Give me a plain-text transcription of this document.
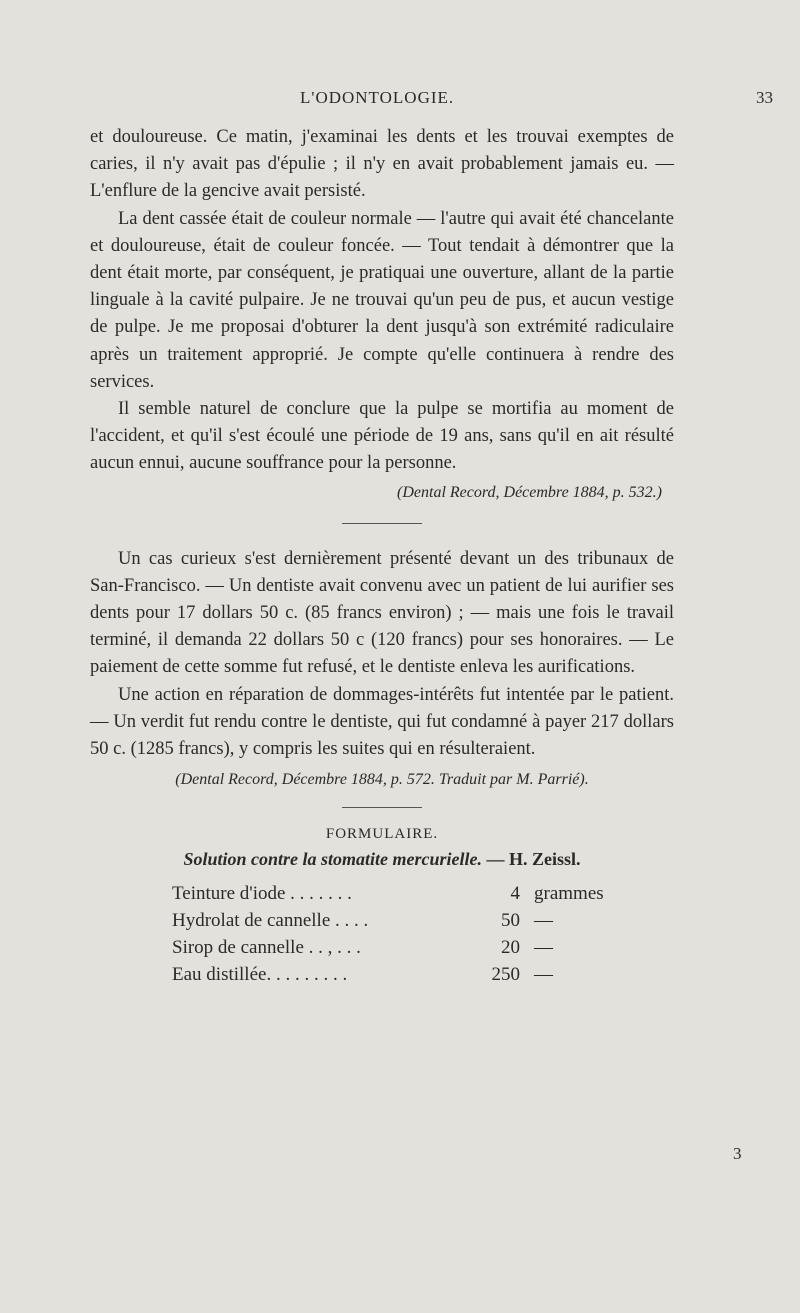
L'ODONTOLOGIE.	33

et douloureuse. Ce matin, j'examinai les dents et les trouvai exemptes de caries, il n'y avait pas d'épulie ; il n'y en avait probablement jamais eu. — L'enflure de la gencive avait persisté.

La dent cassée était de couleur normale — l'autre qui avait été chancelante et douloureuse, était de couleur foncée. — Tout tendait à démontrer que la dent était morte, par conséquent, je pratiquai une ouverture, allant de la partie linguale à la cavité pulpaire. Je ne trouvai qu'un peu de pus, et aucun vestige de pulpe. Je me proposai d'obturer la dent jusqu'à son extrémité radiculaire après un traitement approprié. Je compte qu'elle continuera à rendre des services.

Il semble naturel de conclure que la pulpe se mortifia au moment de l'accident, et qu'il s'est écoulé une période de 19 ans, sans qu'il en ait résulté aucun ennui, aucune souffrance pour la personne.

(Dental Record, Décembre 1884, p. 532.)

Un cas curieux s'est dernièrement présenté devant un des tribunaux de San-Francisco. — Un dentiste avait convenu avec un patient de lui aurifier ses dents pour 17 dollars 50 c. (85 francs environ) ; — mais une fois le travail terminé, il demanda 22 dollars 50 c (120 francs) pour ses honoraires. — Le paiement de cette somme fut refusé, et le dentiste enleva les aurifications.

Une action en réparation de dommages-intérêts fut intentée par le patient. — Un verdit fut rendu contre le dentiste, qui fut condamné à payer 217 dollars 50 c. (1285 francs), y compris les suites qui en résulteraient.

(Dental Record, Décembre 1884, p. 572. Traduit par M. Parrié).

FORMULAIRE.
Solution contre la stomatite mercurielle. — H. Zeissl.
Teinture d'iode . . . . . . .	4 grammes
Hydrolat de cannelle . . . .	50 —
Sirop de cannelle . . , . . .	20 —
Eau distillée. . . . . . . . .	250 —
3
